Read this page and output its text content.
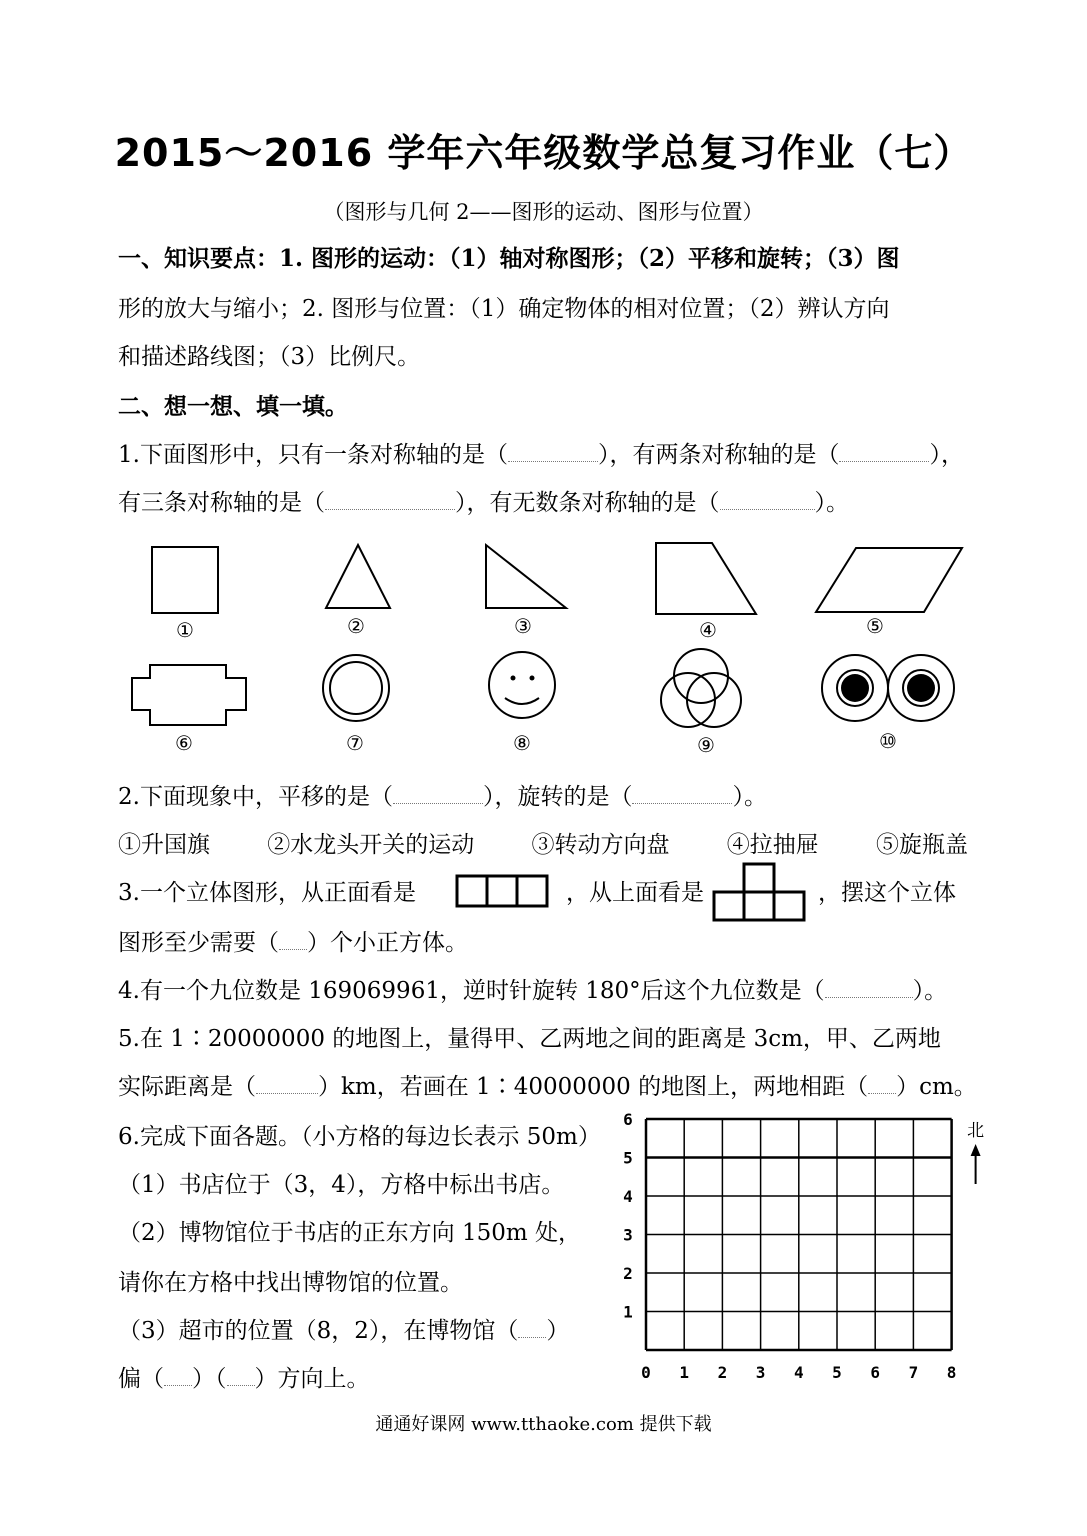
2015～2016 学年六年级数学总复习作业（七）
（图形与几何 2——图形的运动、图形与位置）
一、知识要点：1. 图形的运动：（1）轴对称图形；（2）平移和旋转；（3）图
形的放大与缩小；2. 图形与位置：（1）确定物体的相对位置；（2）辨认方向
和描述路线图；（3）比例尺。
二、想一想、填一填。
1.下面图形中，只有一条对称轴的是（	），有两条对称轴的是（	），
有三条对称轴的是（	），有无数条对称轴的是（	）。
①	②	③	④	⑤
⑥	⑦	⑧	⑨	⑩
2.下面现象中，平移的是（	），旋转的是（	）。
①升国旗 ②水龙头开关的运动 ③转动方向盘 ④拉抽屉 ⑤旋瓶盖
3.一个立体图形，从正面看是	，从上面看是	，摆这个立体
图形至少需要（ ）个小正方体。
4.有一个九位数是 169069961，逆时针旋转 180°后这个九位数是（	）。
5.在 1∶20000000 的地图上，量得甲、乙两地之间的距离是 3cm，甲、乙两地
实际距离是（	）km，若画在 1∶40000000 的地图上，两地相距（ ）cm。
6.完成下面各题。（小方格的每边长表示 50m）
（1）书店位于（3，4），方格中标出书店。
（2）博物馆位于书店的正东方向 150m 处，
请你在方格中找出博物馆的位置。
（3）超市的位置（8，2），在博物馆（ ）
偏（ ）（ ）方向上。	0 1 2 3 4 5 6 7 8
1
2
3
4
5
6
北
通通好课网 www.tthaoke.com 提供下载
